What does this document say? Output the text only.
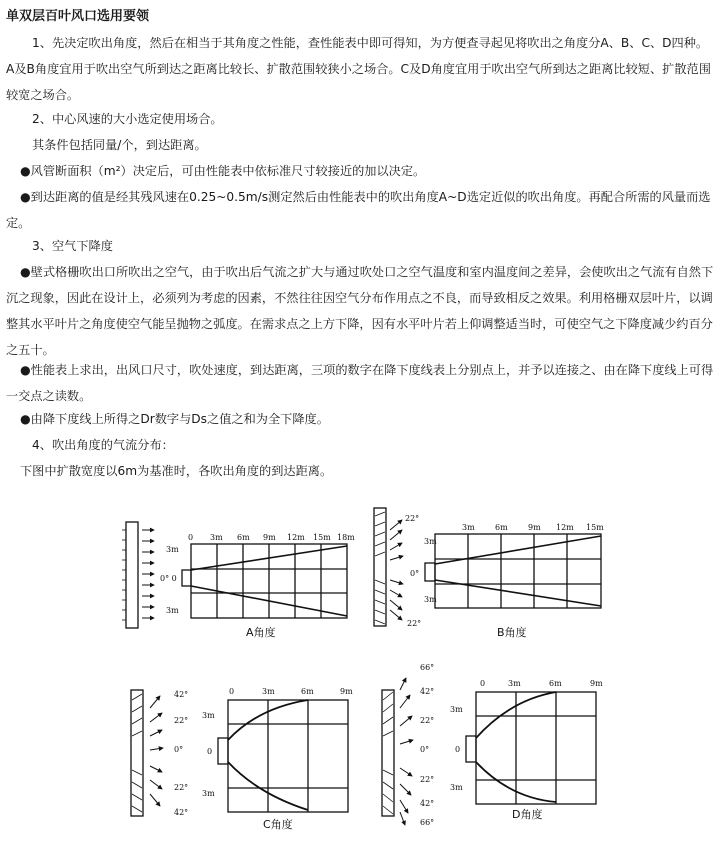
单双层百叶风口选用要领

1、先决定吹出角度，然后在相当于其角度之性能，查性能表中即可得知，为方便查寻起见将吹出之角度分A、B、C、D四种。A及B角度宜用于吹出空气所到达之距离比较长、扩散范围较狭小之场合。C及D角度宜用于吹出空气所到达之距离比较短、扩散范围较宽之场合。

2、中心风速的大小选定使用场合。

其条件包括同量/个，到达距离。

●风管断面积（m²）决定后，可由性能表中依标准尺寸较接近的加以决定。

●到达距离的值是经其残风速在0.25~0.5m/s测定然后由性能表中的吹出角度A~D选定近似的吹出角度。再配合所需的风量而选定。

3、空气下降度

●壁式格栅吹出口所吹出之空气，由于吹出后气流之扩大与通过吹处口之空气温度和室内温度间之差异，会使吹出之气流有自然下沉之现象，因此在设计上，必须列为考虑的因素，不然往往因空气分布作用点之不良，而导致相反之效果。利用格栅双层叶片，以调整其水平叶片之角度使空气能呈抛物之弧度。在需求点之上方下降，因有水平叶片若上仰调整适当时，可使空气之下降度减少约百分之五十。

●性能表上求出，出风口尺寸，吹处速度，到达距离，三项的数字在降下度线表上分别点上，并予以连接之、由在降下度线上可得一交点之读数。

●由降下度线上所得之Dr数字与Ds之值之和为全下降度。

4、吹出角度的气流分布：

下图中扩散宽度以6m为基准时，各吹出角度的到达距离。

0 3m 6m 9m 12m 15m 18m
3m
0° 0
3m
A角度
22°
22°
3m	6m	9m 12m 15m
3m
0°
3m
B角度
42°
22°
0°
22°
42°
0	3m	6m	9m
3m
0
3m
C角度
66°
42°
22°
0°
22°
42°
66°
0	3m	6m	9m
3m
0
3m
D角度
